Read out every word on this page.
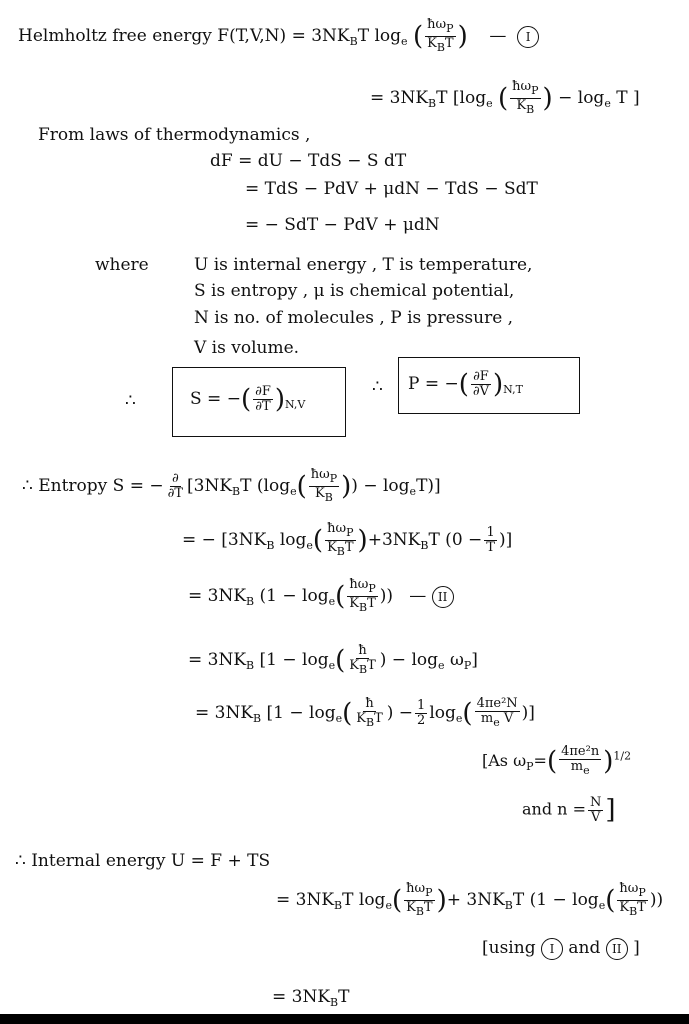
Helmholtz free energy $F(T,V,N) = 3NK_BT$ $\log_e$ ( $\frac{ħ\omega_P}{K_BT}$ ) — I
= $3NK_BT$ [$\log_e$ ( $\frac{ħ\omega_P}{K_B}$ ) − $\log_e T$ ]
From laws of thermodynamics ,
dF = dU − TdS − S dT
= TdS − PdV + μdN − TdS − SdT
= − SdT − PdV + μdN
where	U is internal energy , T is temperature,
S is entropy , μ is chemical potential,
N is no. of molecules , P is pressure ,
V is volume.
∴	S = −( $\frac{\partial F}{\partial T} )_{N,V}$
∴ P = −( $\frac{\partial F}{\partial V} )_{N,T}$
∴ Entropy S = − $\frac{\partial}{\partial T} [3NK_BT$ ($\log_e( \frac{ħ\omega_P}{K_B}$ )) − $\log_eT$)]
= − [$3NK_B$ $\log_e( \frac{ħ\omega_P}{K_BT} )+3NK_BT$ ($0 - \frac{1}{T}$ )]
= $3NK_B$ ($1 - \log_e( \frac{ħ\omega_P}{K_BT}$ )) — II
= $3NK_B$ [$1 - \log_e( \frac{ħ}{K_BT}$ ) − $\log_e \omega_P$]
= $3NK_B$ [$1 - \log_e( \frac{ħ}{K_BT}$ ) − $\frac{1}{2} \log_e( \frac{\text{4πe²N}}{m_e V}$ )]
[As $\omega_P=( \frac{\text{4πe²n}}{m_e} )^{1/2}$
and $n = \frac{N}{V}$ ]
∴ Internal energy U = F + TS
= $3NK_BT$ $\log_e( \frac{ħ\omega_P}{K_BT}$ )+ $3NK_BT$ ($1 - \log_e( \frac{ħ\omega_P}{K_BT}$ ))
[using I and II ]
= $3NK_BT$
